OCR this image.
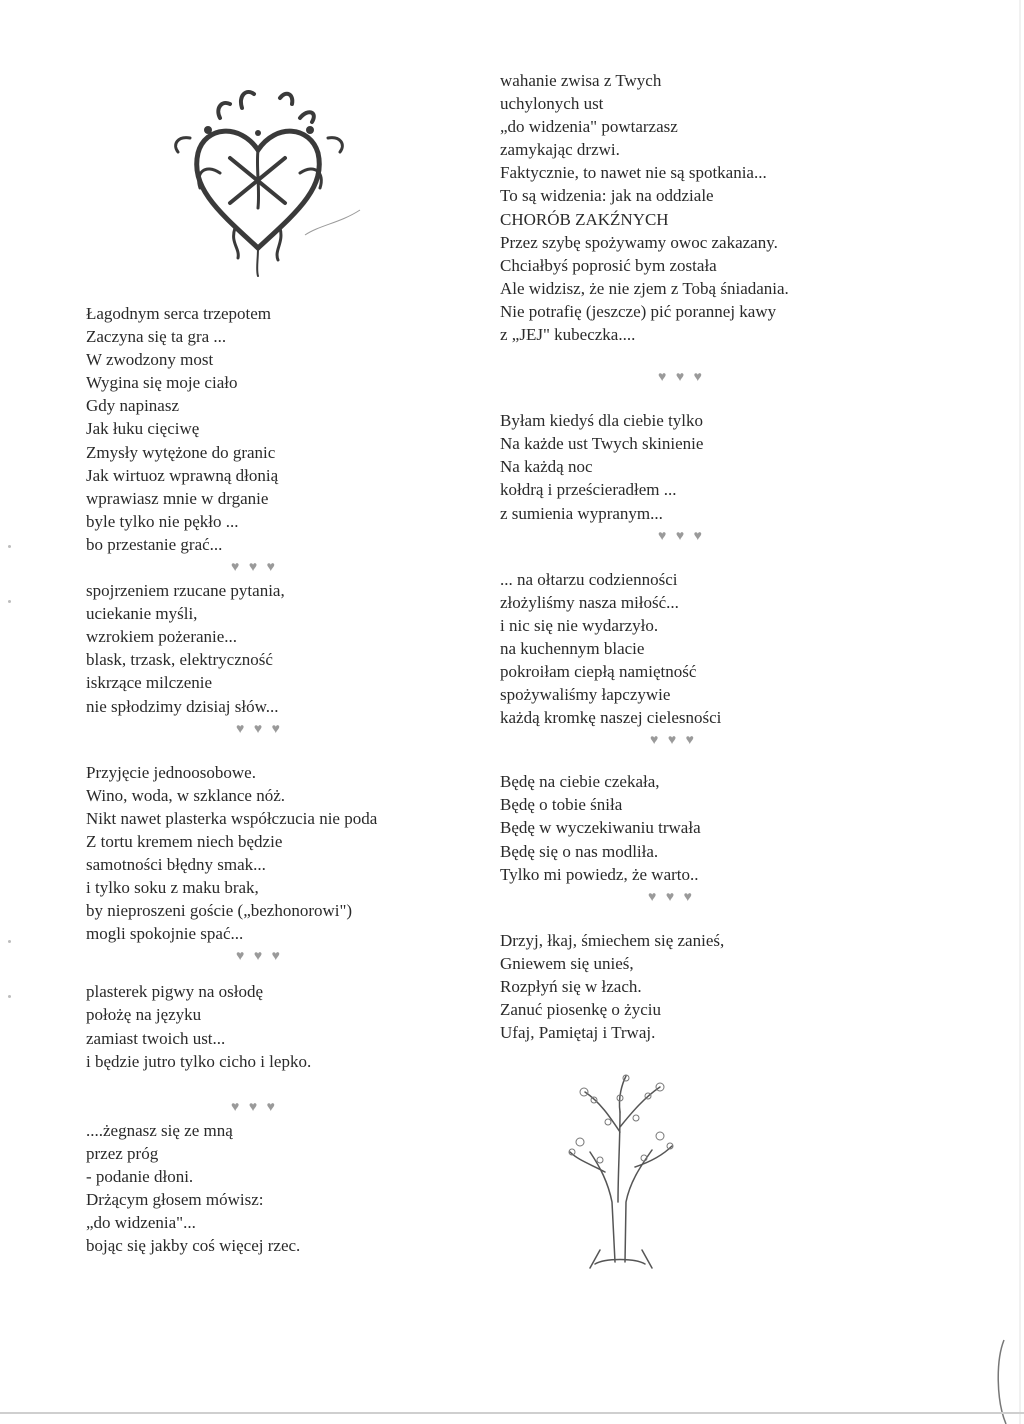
Łagodnym serca trzepotem
Zaczyna się ta gra ...
W zwodzony most
Wygina się moje ciało
Gdy napinasz
Jak łuku cięciwę
Zmysły wytężone do granic
Jak wirtuoz wprawną dłonią
wprawiasz mnie w drganie
byle tylko nie pękło ...
bo przestanie grać...
♥ ♥ ♥
spojrzeniem rzucane pytania,
uciekanie myśli,
wzrokiem pożeranie...
blask, trzask, elektryczność
iskrzące milczenie
nie spłodzimy dzisiaj słów...
♥ ♥ ♥
Przyjęcie jednoosobowe.
Wino, woda, w szklance nóż.
Nikt nawet plasterka współczucia nie poda
Z tortu kremem niech będzie
samotności błędny smak...
i tylko soku z maku brak,
by nieproszeni goście („bezhonorowi")
mogli spokojnie spać...
♥ ♥ ♥
plasterek pigwy na osłodę
położę na języku
zamiast twoich ust...
i będzie jutro tylko cicho i lepko.
♥ ♥ ♥
....żegnasz się ze mną
przez próg
- podanie dłoni.
Drżącym głosem mówisz:
„do widzenia"...
bojąc się jakby coś więcej rzec.
wahanie zwisa z Twych
uchylonych ust
„do widzenia" powtarzasz
zamykając drzwi.
Faktycznie, to nawet nie są spotkania...
To są widzenia: jak na oddziale
CHORÓB ZAKŹNYCH
Przez szybę spożywamy owoc zakazany.
Chciałbyś poprosić bym została
Ale widzisz, że nie zjem z Tobą śniadania.
Nie potrafię (jeszcze) pić porannej kawy
z „JEJ" kubeczka....
♥ ♥ ♥
Byłam kiedyś dla ciebie tylko
Na każde ust Twych skinienie
Na każdą noc
kołdrą i prześcieradłem ...
z sumienia wypranym...
♥ ♥ ♥
... na ołtarzu codzienności
złożyliśmy nasza miłość...
i nic się nie wydarzyło.
na kuchennym blacie
pokroiłam ciepłą namiętność
spożywaliśmy łapczywie
każdą kromkę naszej cielesności
♥ ♥ ♥
Będę na ciebie czekała,
Będę o tobie śniła
Będę w wyczekiwaniu trwała
Będę się o nas modliła.
Tylko mi powiedz, że warto..
♥ ♥ ♥
Drzyj, łkaj, śmiechem się zanieś,
Gniewem się unieś,
Rozpłyń się w łzach.
Zanuć piosenkę o życiu
Ufaj, Pamiętaj i Trwaj.
